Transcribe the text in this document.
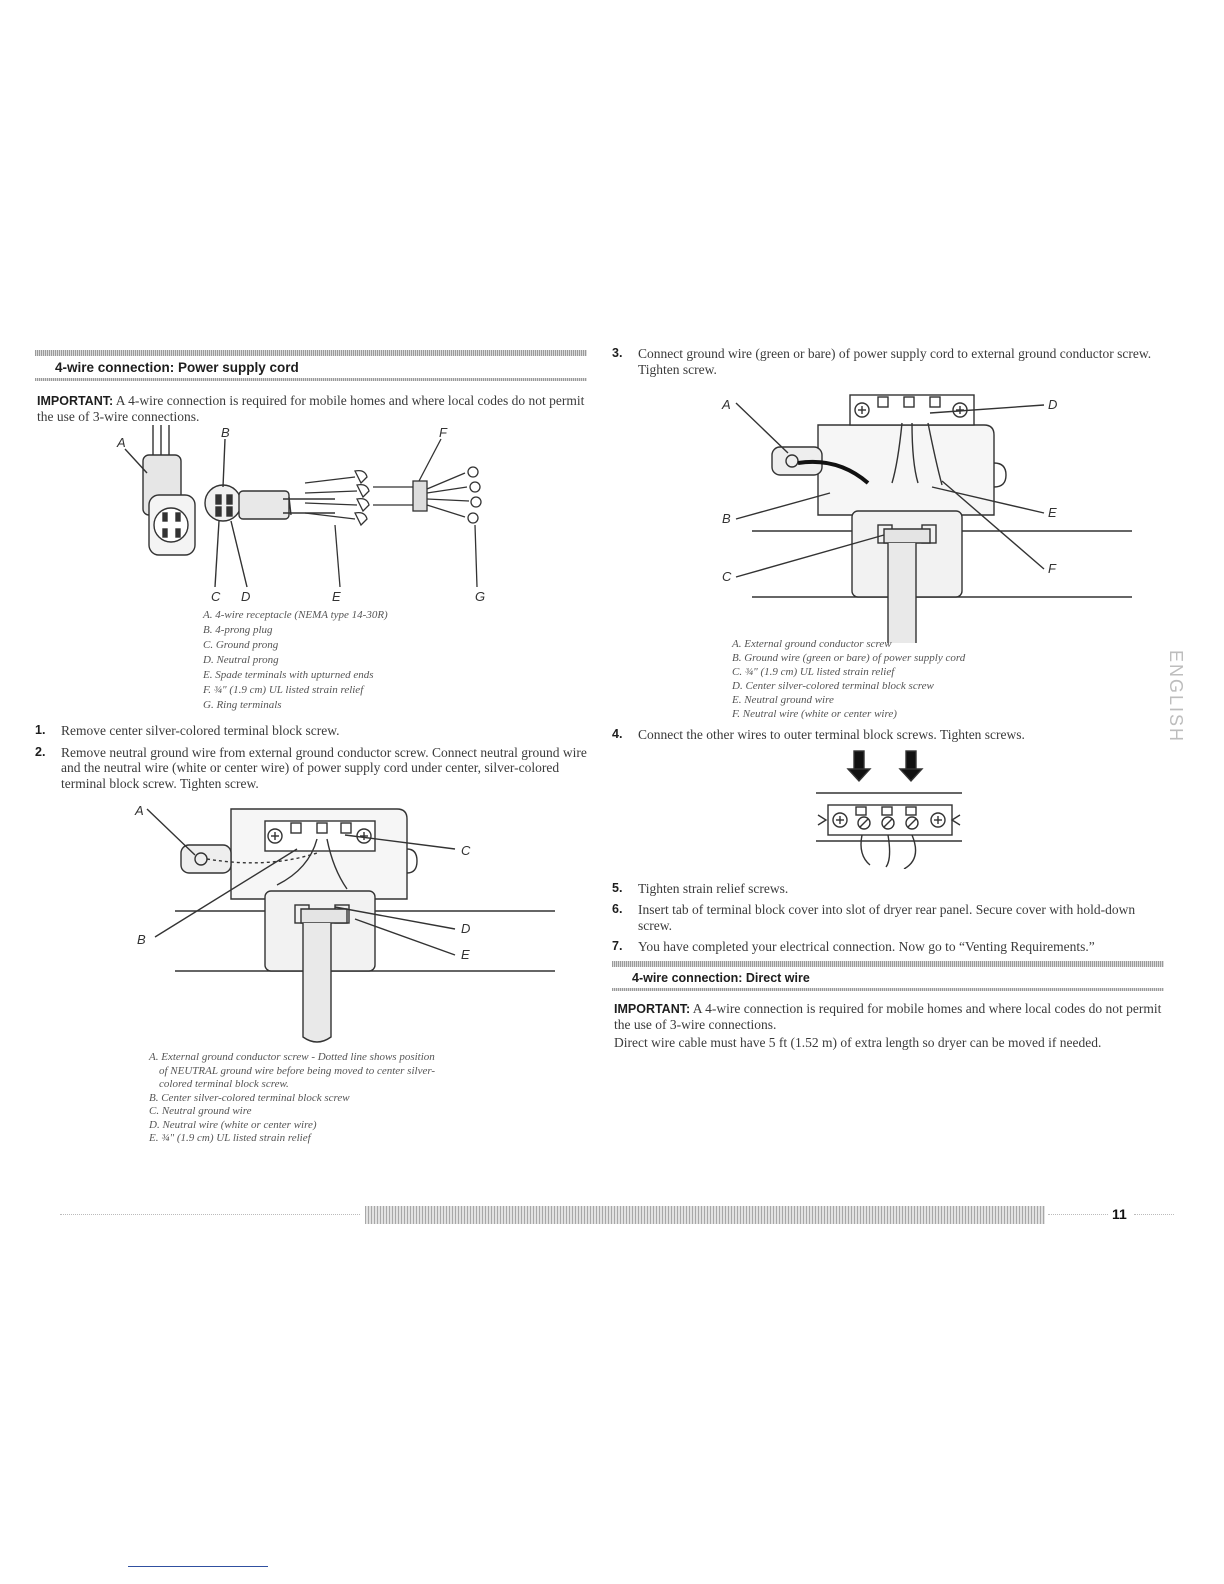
4-wire connection: Power supply cord

IMPORTANT: A 4-wire connection is required for mobile homes and where local codes do not permit the use of 3-wire connections.

A
B	F
C D	E	G
A. 4-wire receptacle (NEMA type 14-30R)
B. 4-prong plug
C. Ground prong
D. Neutral prong
E. Spade terminals with upturned ends
F. ¾" (1.9 cm) UL listed strain relief
G. Ring terminals
1. Remove center silver-colored terminal block screw.
2. Remove neutral ground wire from external ground conductor screw. Connect neutral ground wire and the neutral wire (white or center wire) of power supply cord under center, silver-colored terminal block screw. Tighten screw.
A
B
C
D
E
A. External ground conductor screw - Dotted line shows position
of NEUTRAL ground wire before being moved to center silver-
colored terminal block screw.
B. Center silver-colored terminal block screw
C. Neutral ground wire
D. Neutral wire (white or center wire)
E. ¾" (1.9 cm) UL listed strain relief
3. Connect ground wire (green or bare) of power supply cord to external ground conductor screw. Tighten screw.
A
B
C
D
E
F
A. External ground conductor screw
B. Ground wire (green or bare) of power supply cord
C. ¾" (1.9 cm) UL listed strain relief
D. Center silver-colored terminal block screw
E. Neutral ground wire
F. Neutral wire (white or center wire)
4. Connect the other wires to outer terminal block screws. Tighten screws.
5. Tighten strain relief screws.
6. Insert tab of terminal block cover into slot of dryer rear panel. Secure cover with hold-down screw.
7. You have completed your electrical connection. Now go to “Venting Requirements.”
4-wire connection: Direct wire

IMPORTANT: A 4-wire connection is required for mobile homes and where local codes do not permit the use of 3-wire connections.

Direct wire cable must have 5 ft (1.52 m) of extra length so dryer can be moved if needed.

ENGLISH
11
